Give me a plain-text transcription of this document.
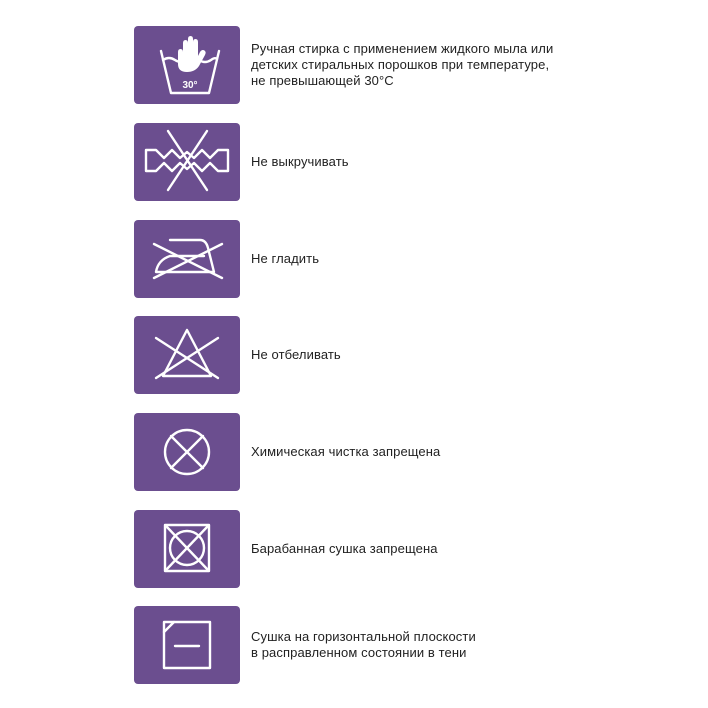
30°
Ручная стирка с применением жидкого мыла или
детских стиральных порошков при температуре,
не превышающей 30°С
Не выкручивать
Не гладить
Не отбеливать
Химическая чистка запрещена
Барабанная сушка запрещена
Сушка на горизонтальной плоскости
в расправленном состоянии в тени
